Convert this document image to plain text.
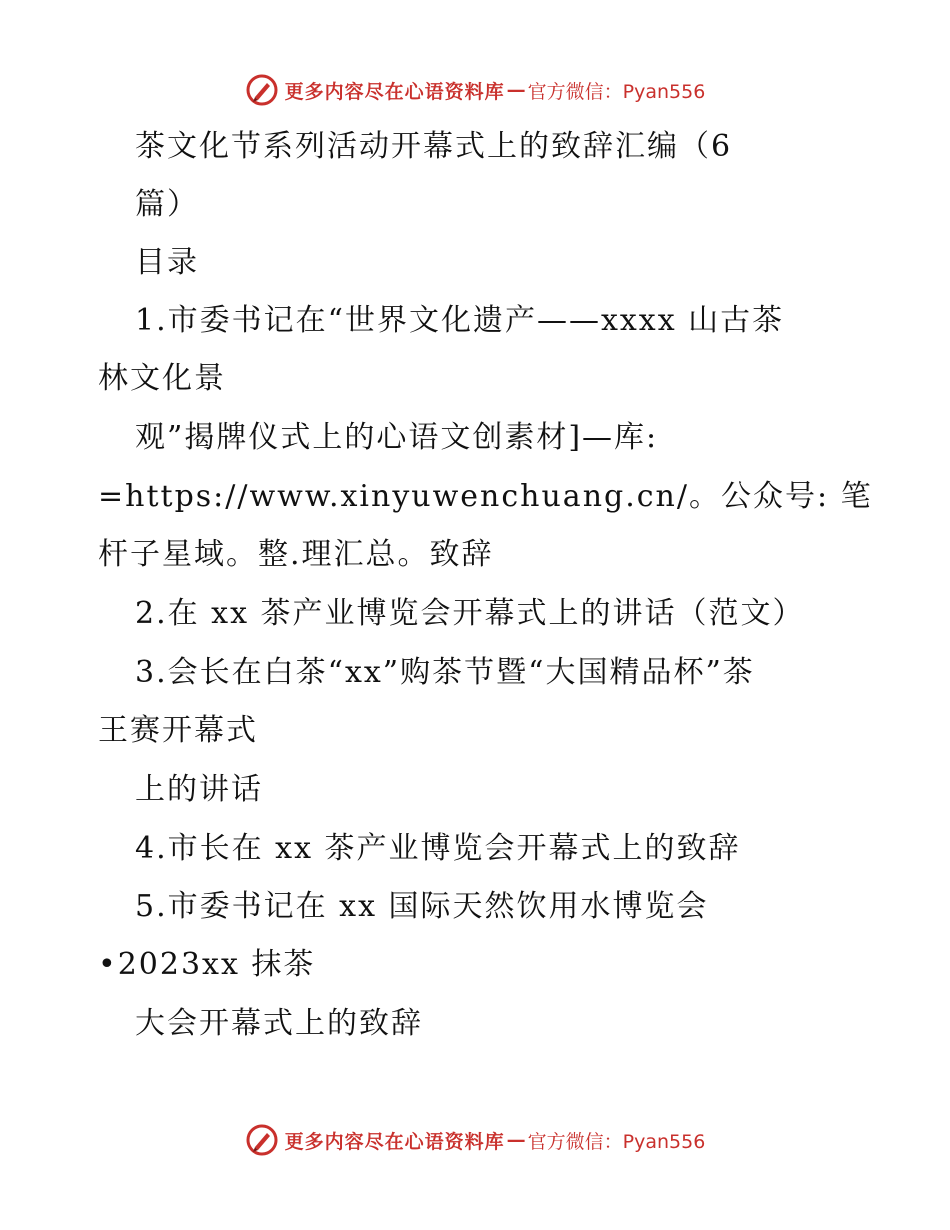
更多内容尽在心语资料库 — 官方微信：Pyan556
茶文化节系列活动开幕式上的致辞汇编（6
篇）
目录
1.市委书记在“世界文化遗产——xxxx 山古茶
林文化景
观”揭牌仪式上的心语文创素材]—库:
=https://www.xinyuwenchuang.cn/。公众号: 笔
杆子星域。整.理汇总。致辞
2.在 xx 茶产业博览会开幕式上的讲话（范文）
3.会长在白茶“xx”购茶节暨“大国精品杯”茶
王赛开幕式
上的讲话
4.市长在 xx 茶产业博览会开幕式上的致辞
5.市委书记在 xx 国际天然饮用水博览会
•2023xx 抹茶
大会开幕式上的致辞
更多内容尽在心语资料库 — 官方微信：Pyan556
